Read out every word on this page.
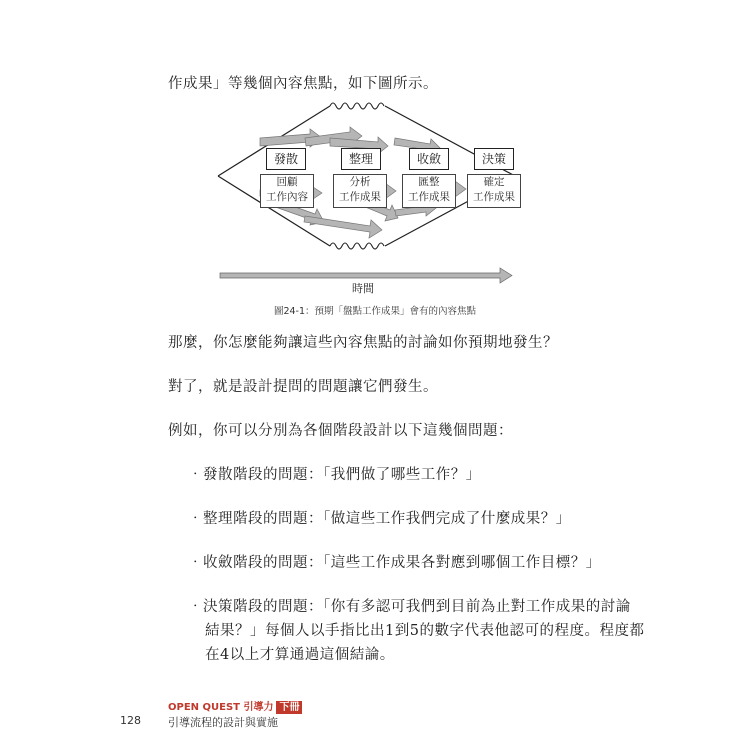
作成果」等幾個內容焦點，如下圖所示。
發散	整理	收斂	決策
回顧
工作內容
分析
工作成果
匯整
工作成果
確定
工作成果
時間
圖24-1：預期「盤點工作成果」會有的內容焦點
那麼，你怎麼能夠讓這些內容焦點的討論如你預期地發生？
對了，就是設計提問的問題讓它們發生。
例如，你可以分別為各個階段設計以下這幾個問題：
‧發散階段的問題：「我們做了哪些工作？」
‧整理階段的問題：「做這些工作我們完成了什麼成果？」
‧收斂階段的問題：「這些工作成果各對應到哪個工作目標？」
‧決策階段的問題：「你有多認可我們到目前為止對工作成果的討論
結果？」每個人以手指比出1到5的數字代表他認可的程度。程度都
在4以上才算通過這個結論。
OPEN QUEST 引導力 下冊
128 引導流程的設計與實施
